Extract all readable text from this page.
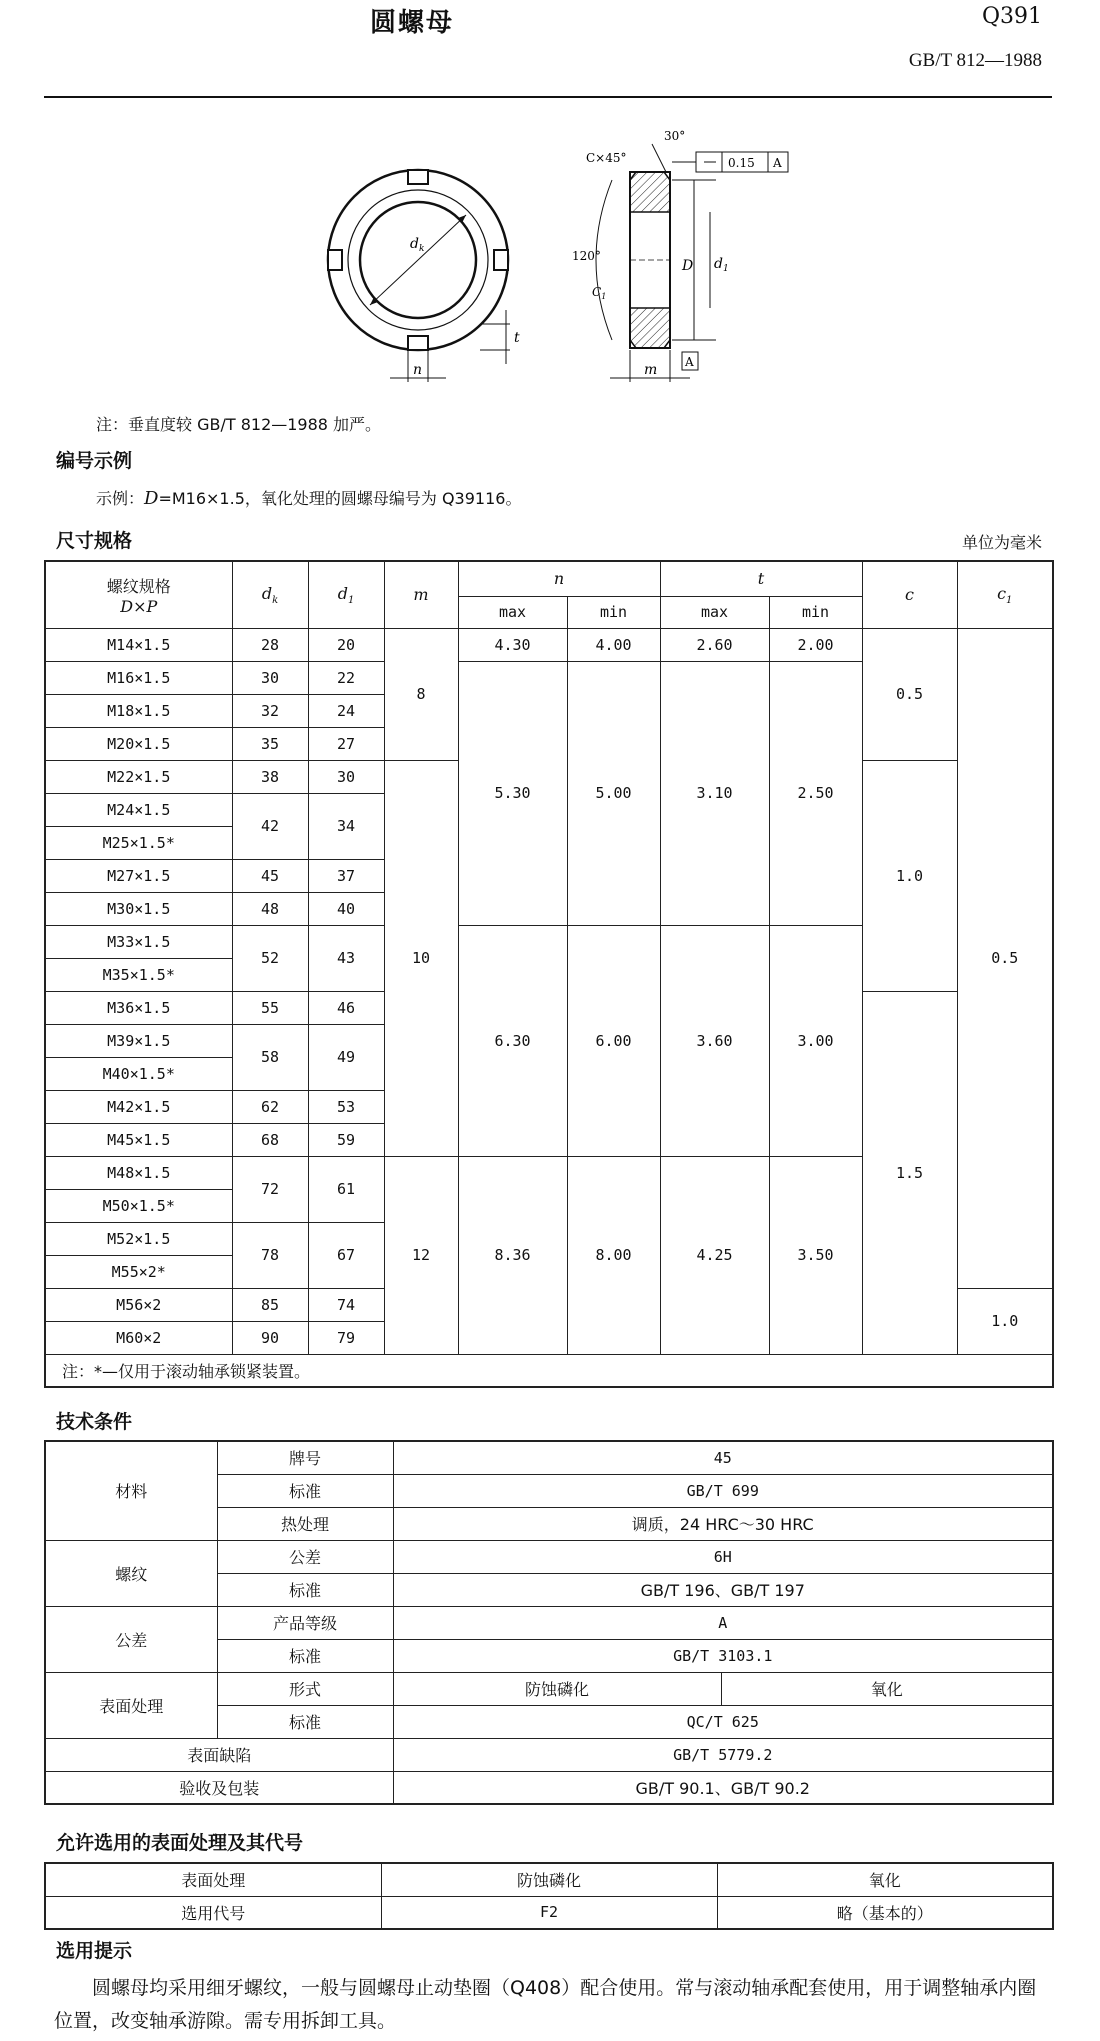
圆螺母	Q391
GB/T 812—1988
$d_k$
t
n
120°
$C_1$
C×45°
30°
0.15 A
D $d_1$
A
m
注：垂直度较 GB/T 812—1988 加严。
编号示例
示例：D=M16×1.5，氧化处理的圆螺母编号为 Q39116。
尺寸规格	单位为毫米
螺纹规格
D×P	$d_k$	$d_1$	m	n		t		c	$c_1$
				max	min	max	min		
M14×1.5	28	20	8	4.30	4.00	2.60	2.00	0.5	0.5
M16×1.5	30	22		5.30	5.00	3.10	2.50		
M18×1.5	32	24							
M20×1.5	35	27							
M22×1.5	38	30	10					1.0	
M24×1.5	42	34							
M25×1.5*									
M27×1.5	45	37							
M30×1.5	48	40							
M33×1.5	52	43		6.30	6.00	3.60	3.00		
M35×1.5*									
M36×1.5	55	46						1.5	
M39×1.5	58	49							
M40×1.5*									
M42×1.5	62	53							
M45×1.5	68	59							
M48×1.5	72	61	12	8.36	8.00	4.25	3.50		
M50×1.5*									
M52×1.5	78	67							
M55×2*									
M56×2	85	74							1.0
M60×2	90	79							
注：*—仅用于滚动轴承锁紧装置。									
技术条件
材料	牌号	45	
	标准	GB/T 699	
	热处理	调质，24 HRC～30 HRC	
螺纹	公差	6H	
	标准	GB/T 196、GB/T 197	
公差	产品等级	A	
	标准	GB/T 3103.1	
表面处理	形式	防蚀磷化	氧化
	标准	QC/T 625	
表面缺陷		GB/T 5779.2	
验收及包装		GB/T 90.1、GB/T 90.2	
允许选用的表面处理及其代号
表面处理	防蚀磷化	氧化
选用代号	F2	略（基本的）
选用提示
圆螺母均采用细牙螺纹，一般与圆螺母止动垫圈（Q408）配合使用。常与滚动轴承配套使用，用于调整轴承内圈位置，改变轴承游隙。需专用拆卸工具。
